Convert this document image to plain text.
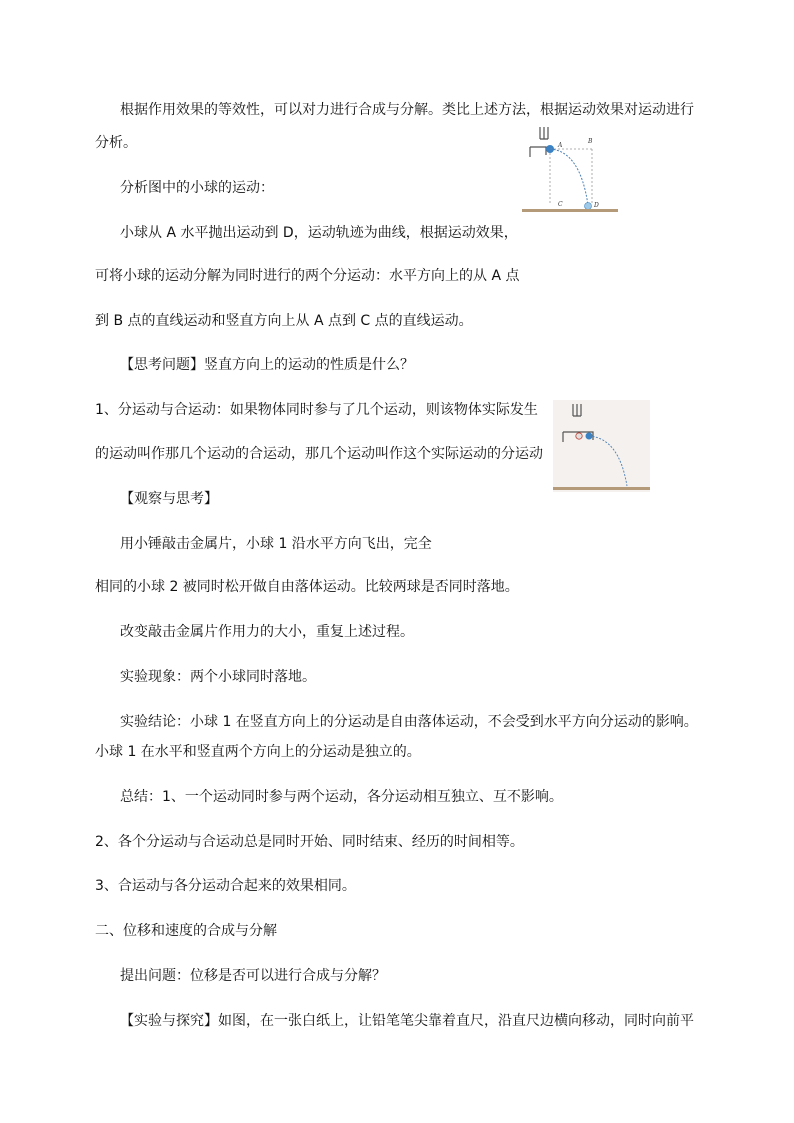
根据作用效果的等效性，可以对力进行合成与分解。类比上述方法，根据运动效果对运动进行
分析。	A
B
C	D
分析图中的小球的运动：
小球从 A 水平抛出运动到 D，运动轨迹为曲线，根据运动效果，
可将小球的运动分解为同时进行的两个分运动：水平方向上的从 A 点
到 B 点的直线运动和竖直方向上从 A 点到 C 点的直线运动。
【思考问题】竖直方向上的运动的性质是什么？
1、分运动与合运动：如果物体同时参与了几个运动，则该物体实际发生
的运动叫作那几个运动的合运动，那几个运动叫作这个实际运动的分运动
【观察与思考】
用小锤敲击金属片，小球 1 沿水平方向飞出，完全
相同的小球 2 被同时松开做自由落体运动。比较两球是否同时落地。
改变敲击金属片作用力的大小，重复上述过程。
实验现象：两个小球同时落地。
实验结论：小球 1 在竖直方向上的分运动是自由落体运动，不会受到水平方向分运动的影响。
小球 1 在水平和竖直两个方向上的分运动是独立的。
总结：1、一个运动同时参与两个运动，各分运动相互独立、互不影响。
2、各个分运动与合运动总是同时开始、同时结束、经历的时间相等。
3、合运动与各分运动合起来的效果相同。
二、位移和速度的合成与分解
提出问题：位移是否可以进行合成与分解？
【实验与探究】如图，在一张白纸上，让铅笔笔尖靠着直尺，沿直尺边横向移动，同时向前平
